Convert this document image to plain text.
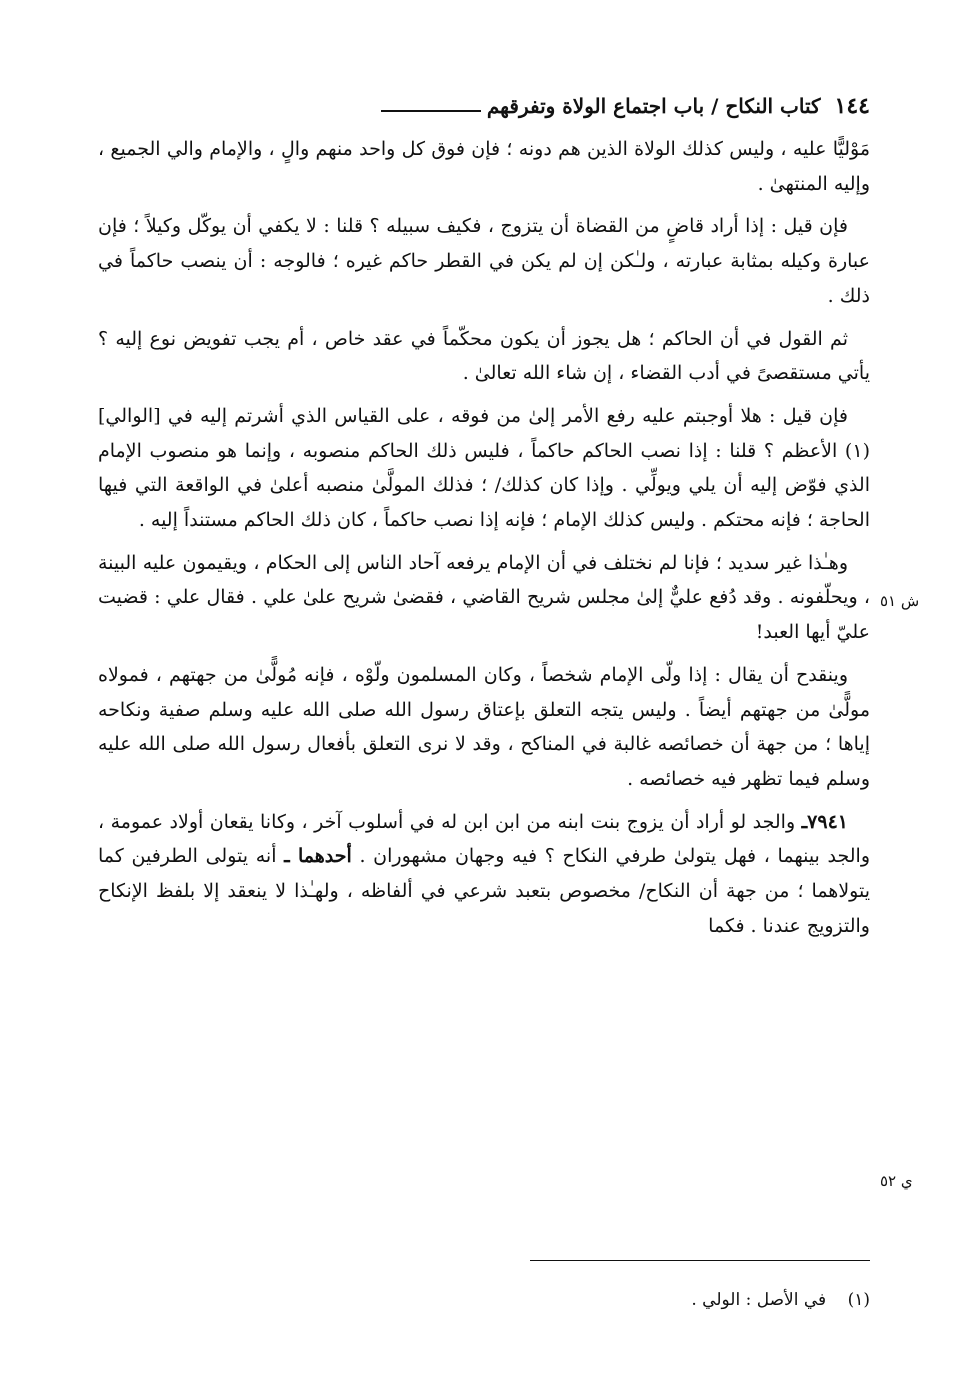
١٤٤
كتاب النكاح / باب اجتماع الولاة وتفرقهم

مَوْليًّا عليه ، وليس كذلك الولاة الذين هم دونه ؛ فإن فوق كل واحد منهم والٍ ، والإمام والي الجميع ، وإليه المنتهىٰ .

فإن قيل : إذا أراد قاضٍ من القضاة أن يتزوج ، فكيف سبيله ؟ قلنا : لا يكفي أن يوكّل وكيلاً ؛ فإن عبارة وكيله بمثابة عبارته ، ولـٰكن إن لم يكن في القطر حاكم غيره ؛ فالوجه : أن ينصب حاكماً في ذلك .

ثم القول في أن الحاكم ؛ هل يجوز أن يكون محكّماً في عقد خاص ، أم يجب تفويض نوع إليه ؟ يأتي مستقصىً في أدب القضاء ، إن شاء الله تعالىٰ .

فإن قيل : هلا أوجبتم عليه رفع الأمر إلىٰ من فوقه ، على القياس الذي أشرتم إليه في [الوالي](١) الأعظم ؟ قلنا : إذا نصب الحاكم حاكماً ، فليس ذلك الحاكم منصوبه ، وإنما هو منصوب الإمام الذي فوّض إليه أن يلي ويولِّي . وإذا كان كذلك/ ؛ فذلك المولَّىٰ منصبه أعلىٰ في الواقعة التي فيها الحاجة ؛ فإنه محتكم . وليس كذلك الإمام ؛ فإنه إذا نصب حاكماً ، كان ذلك الحاكم مستنداً إليه .

وهـٰذا غير سديد ؛ فإنا لم نختلف في أن الإمام يرفعه آحاد الناس إلى الحكام ، ويقيمون عليه البينة ، ويحلّفونه . وقد دُفع عليٌّ إلىٰ مجلس شريح القاضي ، فقضىٰ شريح علىٰ علي . فقال علي : قضيت عليّ أيها العبد!

وينقدح أن يقال : إذا ولّى الإمام شخصاً ، وكان المسلمون ولّوْه ، فإنه مُولًّىٰ من جهتهم ، فمولاه مولًّىٰ من جهتهم أيضاً . وليس يتجه التعلق بإعتاق رسول الله صلى الله عليه وسلم صفية ونكاحه إياها ؛ من جهة أن خصائصه غالبة في المناكح ، وقد لا نرى التعلق بأفعال رسول الله صلى الله عليه وسلم فيما تظهر فيه خصائصه .

٧٩٤١ـ والجد لو أراد أن يزوج بنت ابنه من ابن ابن له في أسلوب آخر ، وكانا يقعان أولاد عمومة ، والجد بينهما ، فهل يتولىٰ طرفي النكاح ؟ فيه وجهان مشهوران . أحدهما ـ أنه يتولى الطرفين كما يتولاهما ؛ من جهة أن النكاح/ مخصوص بتعبد شرعي في ألفاظه ، ولهـٰذا لا ينعقد إلا بلفظ الإنكاح والتزويج عندنا . فكما

ش ٥١
ي ٥٢
(١) في الأصل : الولي .
